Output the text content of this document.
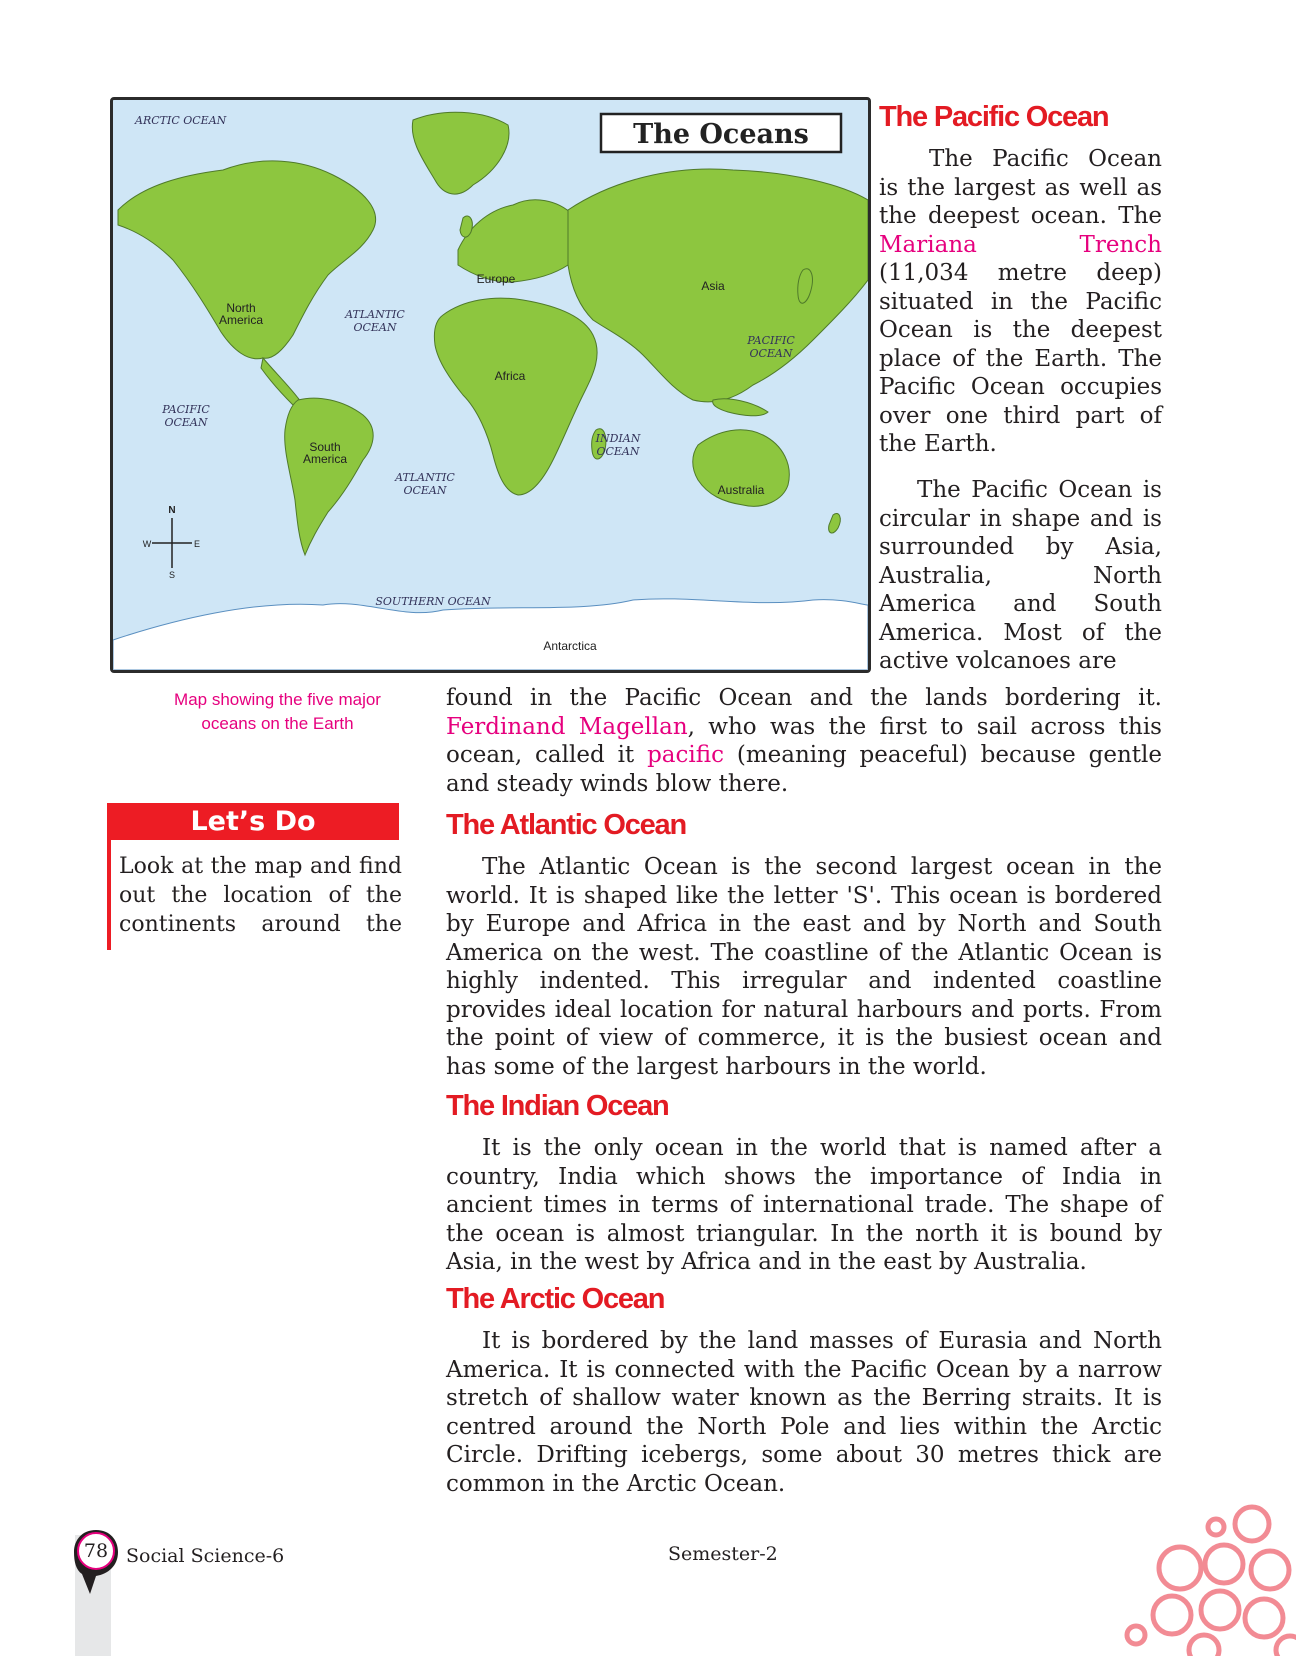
The Oceans
ARCTIC OCEAN
ATLANTIC
OCEAN
PACIFIC
OCEAN
PACIFIC
OCEAN
INDIAN
OCEAN
ATLANTIC
OCEAN
SOUTHERN OCEAN
North
America
South
America
Europe	Asia
Africa
Australia
Antarctica
N
S
W	E
Map showing the five major
oceans on the Earth
The Pacific Ocean

The Pacific Ocean is the largest as well as the deepest ocean. The Mariana Trench (11,034 metre deep) situated in the Pacific Ocean is the deepest place of the Earth. The Pacific Ocean occupies over one third part of the Earth.

The Pacific Ocean is circular in shape and is surrounded by Asia, Australia, North America and South America. Most of the active volcanoes are

found in the Pacific Ocean and the lands bordering it. Ferdinand Magellan, who was the first to sail across this ocean, called it pacific (meaning peaceful) because gentle and steady winds blow there.

Let’s Do

Look at the map and find out the location of the continents around the

The Atlantic Ocean

The Atlantic Ocean is the second largest ocean in the world. It is shaped like the letter 'S'. This ocean is bordered by Europe and Africa in the east and by North and South America on the west. The coastline of the Atlantic Ocean is highly indented. This irregular and indented coastline provides ideal location for natural harbours and ports. From the point of view of commerce, it is the busiest ocean and has some of the largest harbours in the world.

The Indian Ocean

It is the only ocean in the world that is named after a country, India which shows the importance of India in ancient times in terms of international trade. The shape of the ocean is almost triangular. In the north it is bound by Asia, in the west by Africa and in the east by Australia.

The Arctic Ocean

It is bordered by the land masses of Eurasia and North America. It is connected with the Pacific Ocean by a narrow stretch of shallow water known as the Berring straits. It is centred around the North Pole and lies within the Arctic Circle. Drifting icebergs, some about 30 metres thick are common in the Arctic Ocean.

78 Social Science-6	Semester-2
